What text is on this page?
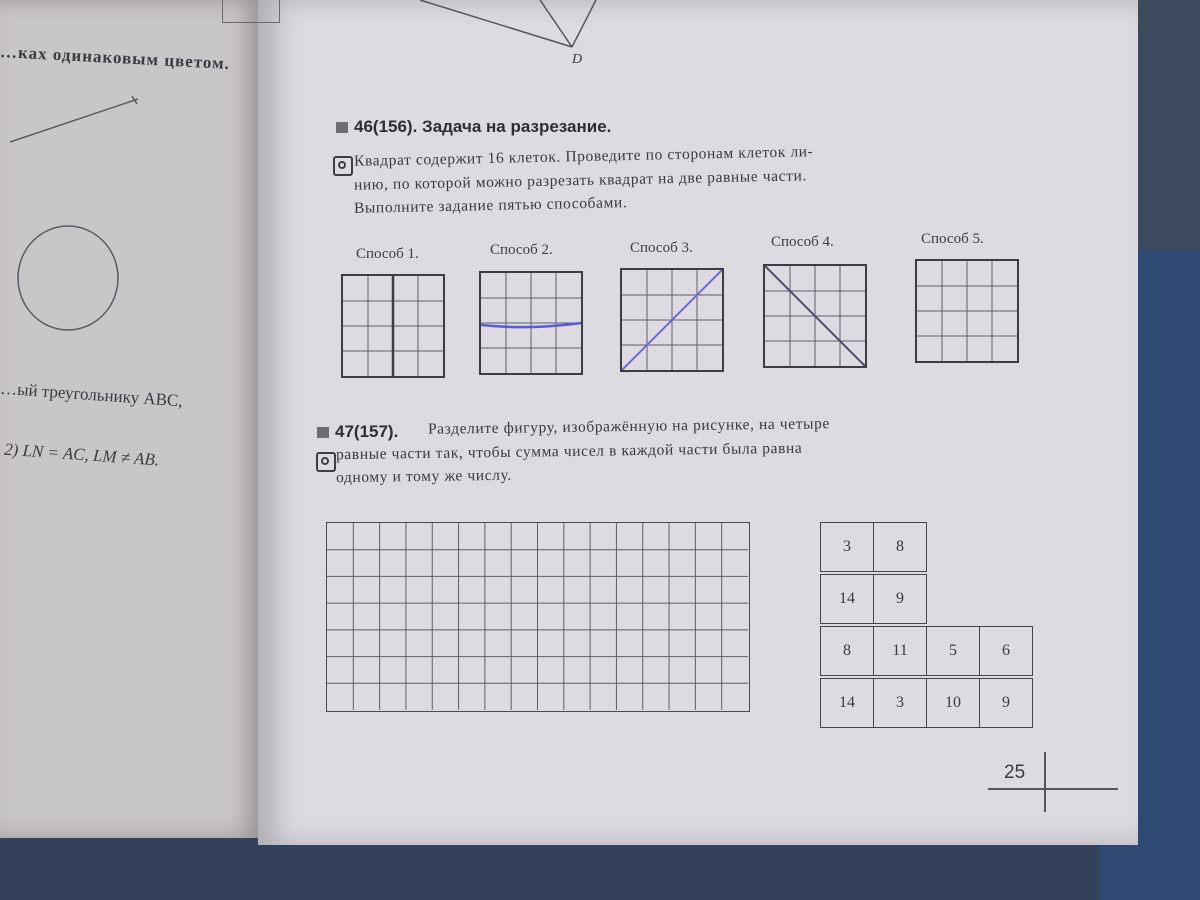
…ках одинаковым цветом.
…ый треугольнику ABC,
2) LN = AC, LM ≠ AB.
D
46(156). Задача на разрезание.
Квадрат содержит 16 клеток. Проведите по сторонам клеток ли-
нию, по которой можно разрезать квадрат на две равные части.
Выполните задание пятью способами.
Способ 1.	Способ 2.	Способ 3.	Способ 4.	Способ 5.
47(157). Разделите фигуру, изображённую на рисунке, на четыре
равные части так, чтобы сумма чисел в каждой части была равна
одному и тому же числу.
3	8
14	9
8	11	5	6
14	3	10	9
25
